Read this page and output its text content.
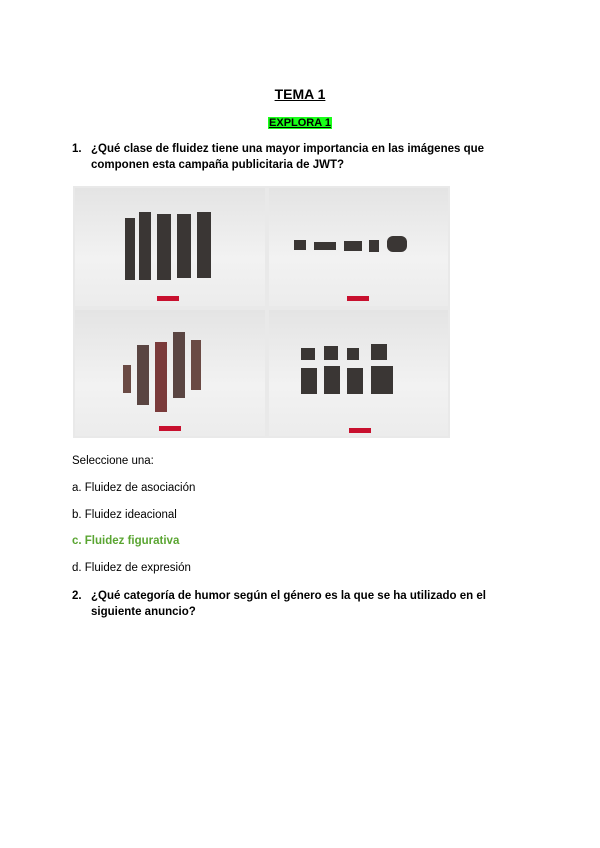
TEMA 1
EXPLORA 1
1. ¿Qué clase de fluidez tiene una mayor importancia en las imágenes que componen esta campaña publicitaria de JWT?
Seleccione una:
a. Fluidez de asociación
b. Fluidez ideacional
c. Fluidez figurativa
d. Fluidez de expresión
2. ¿Qué categoría de humor según el género es la que se ha utilizado en el siguiente anuncio?
